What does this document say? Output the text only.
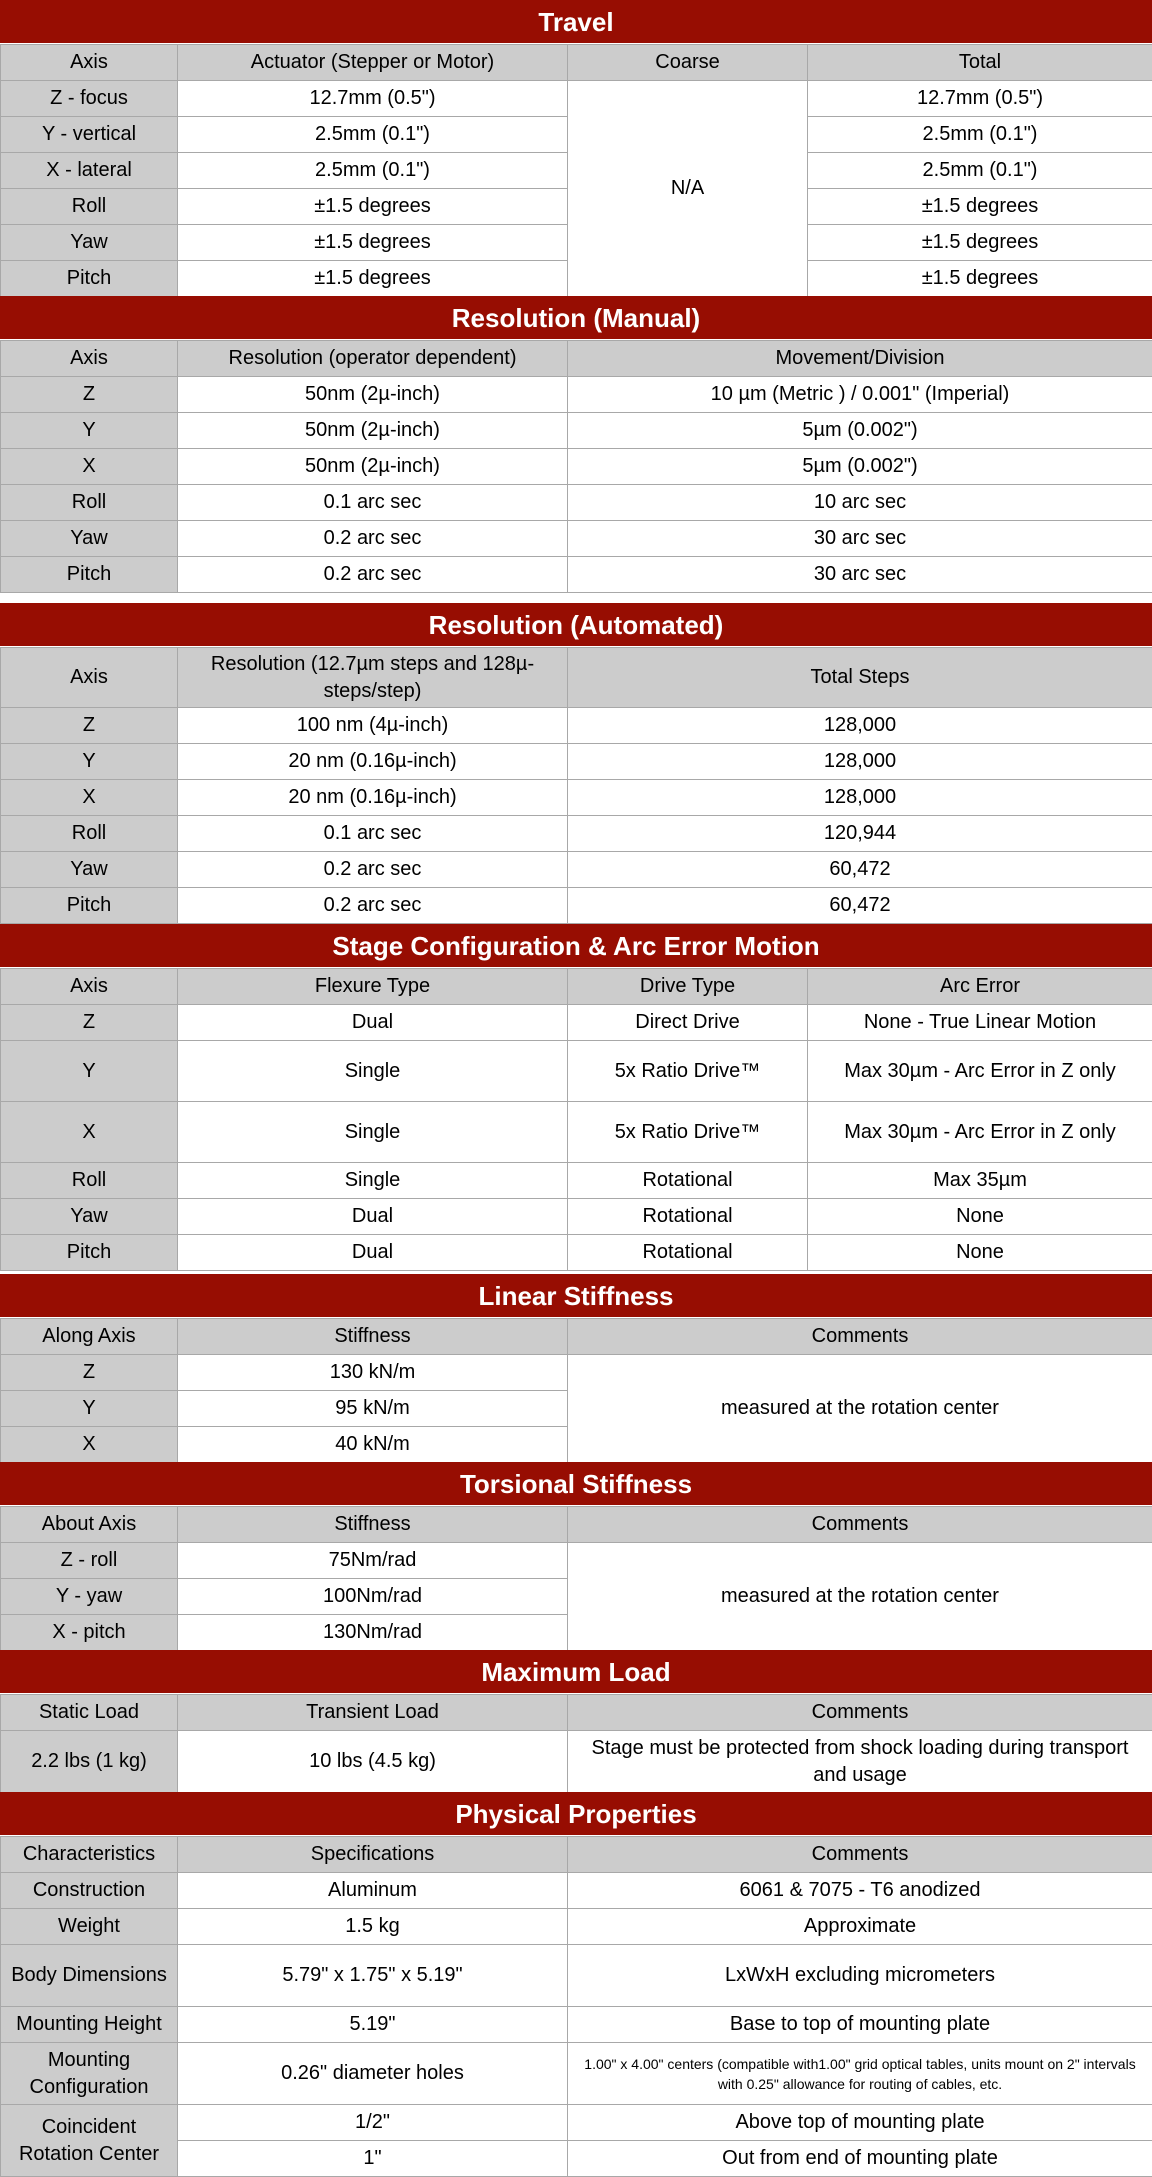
Travel
Axis	Actuator (Stepper or Motor)	Coarse	Total
Z - focus	12.7mm (0.5")	N/A	12.7mm (0.5")
Y - vertical	2.5mm (0.1")		2.5mm (0.1")
X - lateral	2.5mm (0.1")		2.5mm (0.1")
Roll	±1.5 degrees		±1.5 degrees
Yaw	±1.5 degrees		±1.5 degrees
Pitch	±1.5 degrees		±1.5 degrees
Resolution (Manual)
Axis	Resolution (operator dependent)	Movement/Division
Z	50nm (2µ-inch)	10 µm (Metric ) / 0.001" (Imperial)
Y	50nm (2µ-inch)	5µm (0.002")
X	50nm (2µ-inch)	5µm (0.002")
Roll	0.1 arc sec	10 arc sec
Yaw	0.2 arc sec	30 arc sec
Pitch	0.2 arc sec	30 arc sec
Resolution (Automated)
Axis	Resolution (12.7µm steps and 128µ-steps/step)	Total Steps
Z	100 nm (4µ-inch)	128,000
Y	20 nm (0.16µ-inch)	128,000
X	20 nm (0.16µ-inch)	128,000
Roll	0.1 arc sec	120,944
Yaw	0.2 arc sec	60,472
Pitch	0.2 arc sec	60,472
Stage Configuration & Arc Error Motion
Axis	Flexure Type	Drive Type	Arc Error
Z	Dual	Direct Drive	None - True Linear Motion
Y	Single	5x Ratio Drive™	Max 30µm - Arc Error in Z only
X	Single	5x Ratio Drive™	Max 30µm - Arc Error in Z only
Roll	Single	Rotational	Max 35µm
Yaw	Dual	Rotational	None
Pitch	Dual	Rotational	None
Linear Stiffness
Along Axis	Stiffness	Comments
Z	130 kN/m	measured at the rotation center
Y	95 kN/m	
X	40 kN/m	
Torsional Stiffness
About Axis	Stiffness	Comments
Z - roll	75Nm/rad	measured at the rotation center
Y - yaw	100Nm/rad	
X - pitch	130Nm/rad	
Maximum Load
Static Load	Transient Load	Comments
2.2 lbs (1 kg)	10 lbs (4.5 kg)	Stage must be protected from shock loading during transport and usage
Physical Properties
Characteristics	Specifications	Comments
Construction	Aluminum	6061 & 7075 - T6 anodized
Weight	1.5 kg	Approximate
Body Dimensions	5.79" x 1.75" x 5.19"	LxWxH excluding micrometers
Mounting Height	5.19"	Base to top of mounting plate
Mounting Configuration	0.26" diameter holes	1.00" x 4.00" centers (compatible with1.00" grid optical tables, units mount on 2" intervals with 0.25" allowance for routing of cables, etc.
Coincident Rotation Center	1/2"	Above top of mounting plate
	1"	Out from end of mounting plate
